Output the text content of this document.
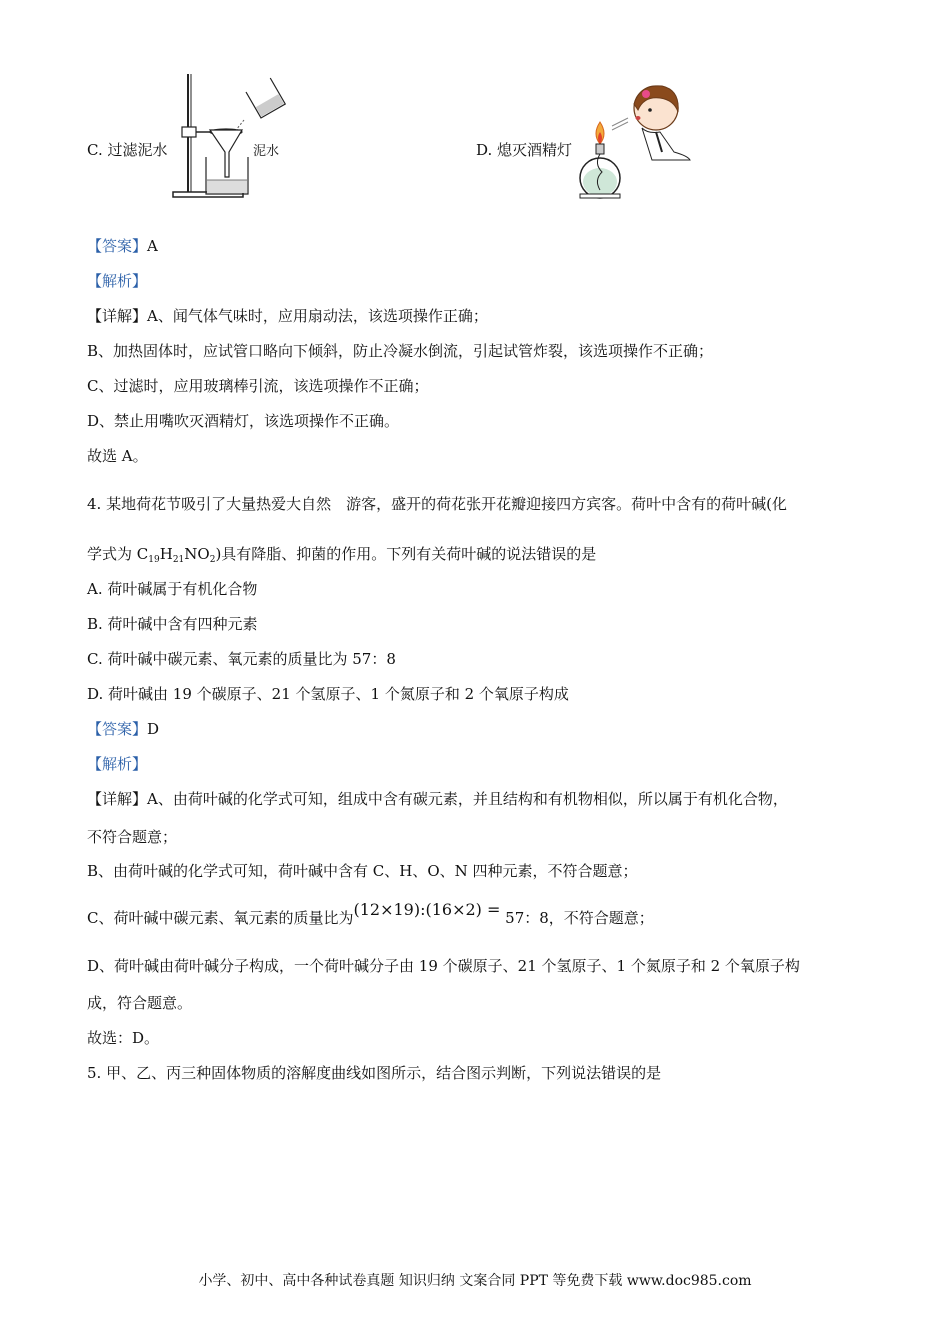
泥水
C. 过滤泥水	D. 熄灭酒精灯
【答案】A
【解析】
【详解】A、闻气体气味时，应用扇动法，该选项操作正确；
B、加热固体时，应试管口略向下倾斜，防止冷凝水倒流，引起试管炸裂，该选项操作不正确；
C、过滤时，应用玻璃棒引流，该选项操作不正确；
D、禁止用嘴吹灭酒精灯，该选项操作不正确。
故选 A。
4. 某地荷花节吸引了大量热爱大自然　游客，盛开的荷花张开花瓣迎接四方宾客。荷叶中含有的荷叶碱(化
学式为 $C_{19}H_{21}NO_2$)具有降脂、抑菌的作用。下列有关荷叶碱的说法错误的是
A. 荷叶碱属于有机化合物
B. 荷叶碱中含有四种元素
C. 荷叶碱中碳元素、氧元素的质量比为 57：8
D. 荷叶碱由 19 个碳原子、21 个氢原子、1 个氮原子和 2 个氧原子构成
【答案】D
【解析】
【详解】A、由荷叶碱的化学式可知，组成中含有碳元素，并且结构和有机物相似，所以属于有机化合物，
不符合题意；
B、由荷叶碱的化学式可知，荷叶碱中含有 C、H、O、N 四种元素，不符合题意；
C、荷叶碱中碳元素、氧元素的质量比为(12×19):(16×2) = 57：8，不符合题意；
D、荷叶碱由荷叶碱分子构成，一个荷叶碱分子由 19 个碳原子、21 个氢原子、1 个氮原子和 2 个氧原子构
成，符合题意。
故选：D。
5. 甲、乙、丙三种固体物质的溶解度曲线如图所示，结合图示判断，下列说法错误的是
小学、初中、高中各种试卷真题 知识归纳 文案合同 PPT 等免费下载 www.doc985.com
